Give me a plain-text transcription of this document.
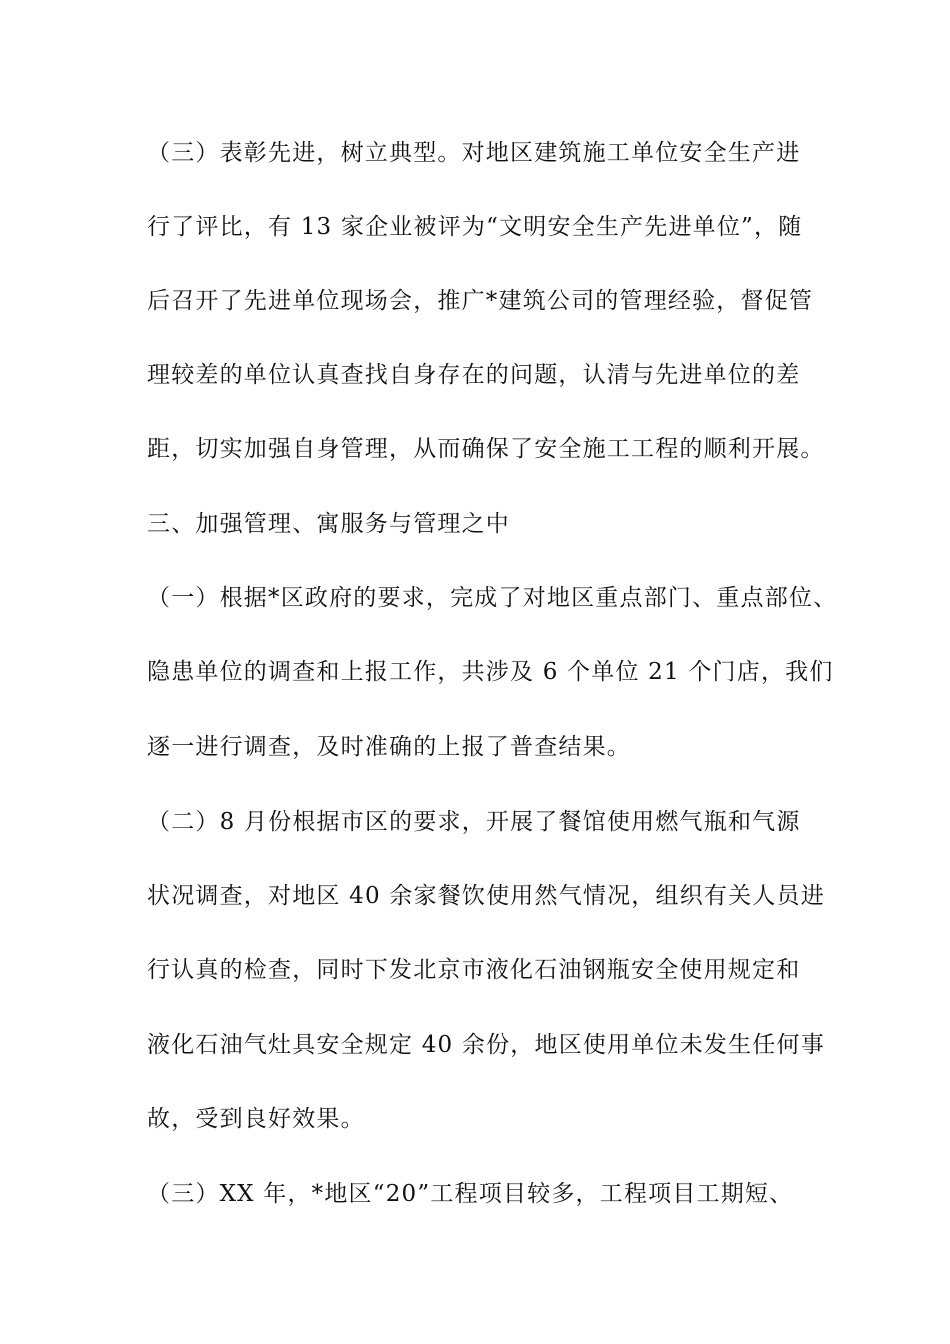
（三）表彰先进，树立典型。对地区建筑施工单位安全生产进
行了评比，有 13 家企业被评为“文明安全生产先进单位”，随
后召开了先进单位现场会，推广*建筑公司的管理经验，督促管
理较差的单位认真查找自身存在的问题，认清与先进单位的差
距，切实加强自身管理，从而确保了安全施工工程的顺利开展。
三、加强管理、寓服务与管理之中
（一）根据*区政府的要求，完成了对地区重点部门、重点部位、
隐患单位的调查和上报工作，共涉及 6 个单位 21 个门店，我们
逐一进行调查，及时准确的上报了普查结果。
（二）8 月份根据市区的要求，开展了餐馆使用燃气瓶和气源
状况调查，对地区 40 余家餐饮使用然气情况，组织有关人员进
行认真的检查，同时下发北京市液化石油钢瓶安全使用规定和
液化石油气灶具安全规定 40 余份，地区使用单位未发生任何事
故，受到良好效果。
（三）XX 年，*地区“20”工程项目较多，工程项目工期短、
